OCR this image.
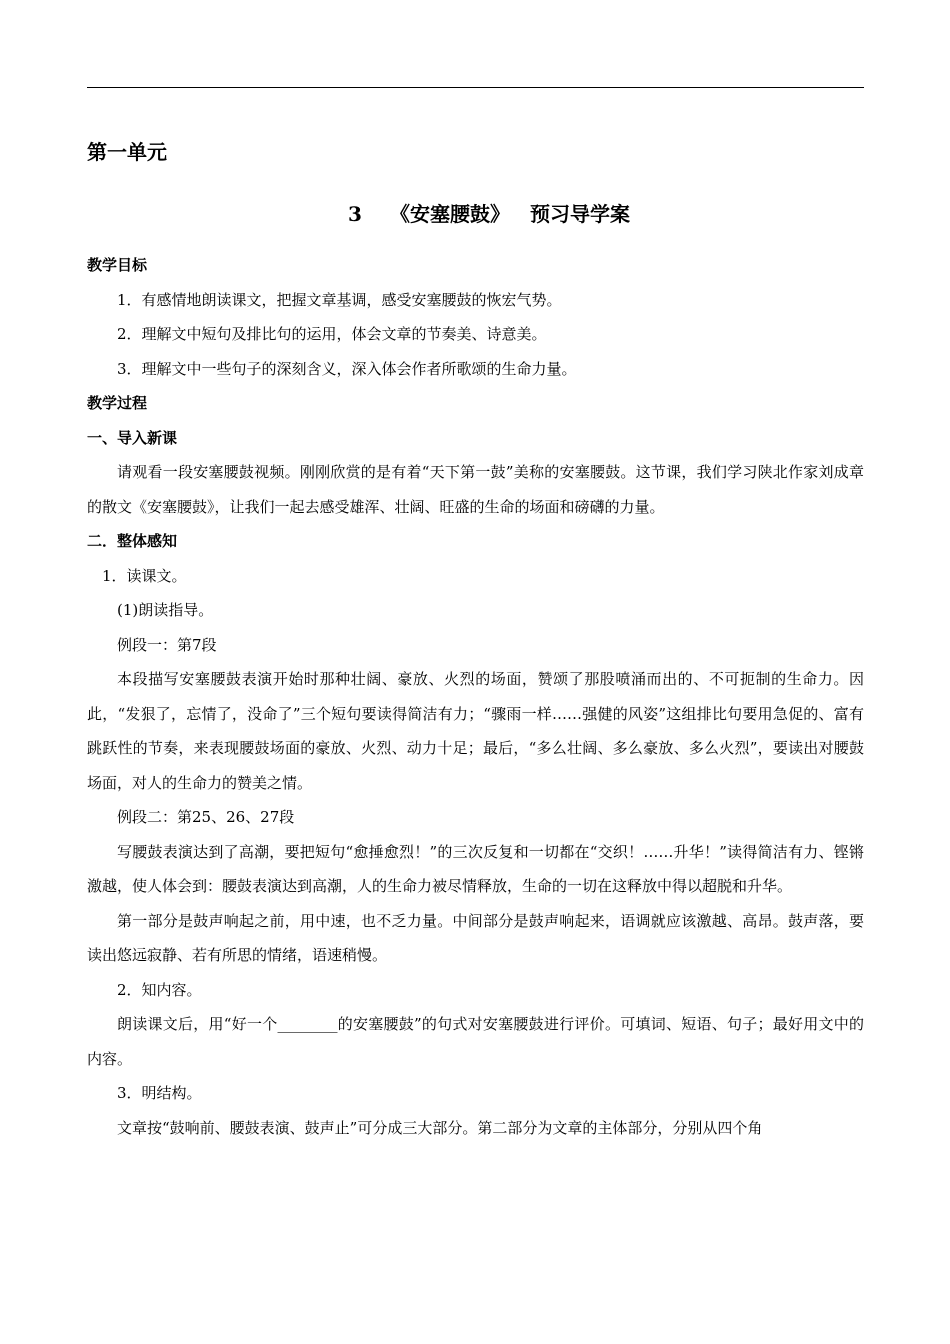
第一单元
3 《安塞腰鼓》 预习导学案

教学目标

1．有感情地朗读课文，把握文章基调，感受安塞腰鼓的恢宏气势。

2．理解文中短句及排比句的运用，体会文章的节奏美、诗意美。

3．理解文中一些句子的深刻含义，深入体会作者所歌颂的生命力量。

教学过程

一、导入新课

请观看一段安塞腰鼓视频。刚刚欣赏的是有着“天下第一鼓”美称的安塞腰鼓。这节课，我们学习陕北作家刘成章的散文《安塞腰鼓》，让我们一起去感受雄浑、壮阔、旺盛的生命的场面和磅礴的力量。

二．整体感知

1．读课文。

(1)朗读指导。

例段一：第7段

本段描写安塞腰鼓表演开始时那种壮阔、豪放、火烈的场面，赞颂了那股喷涌而出的、不可扼制的生命力。因此，“发狠了，忘情了，没命了”三个短句要读得简洁有力；“骤雨一样……强健的风姿”这组排比句要用急促的、富有跳跃性的节奏，来表现腰鼓场面的豪放、火烈、动力十足；最后，“多么壮阔、多么豪放、多么火烈”，要读出对腰鼓场面，对人的生命力的赞美之情。

例段二：第25、26、27段

写腰鼓表演达到了高潮，要把短句“愈捶愈烈！”的三次反复和一切都在“交织！……升华！”读得简洁有力、铿锵激越，使人体会到：腰鼓表演达到高潮，人的生命力被尽情释放，生命的一切在这释放中得以超脱和升华。

第一部分是鼓声响起之前，用中速，也不乏力量。中间部分是鼓声响起来，语调就应该激越、高昂。鼓声落，要读出悠远寂静、若有所思的情绪，语速稍慢。

2．知内容。

朗读课文后，用“好一个________的安塞腰鼓”的句式对安塞腰鼓进行评价。可填词、短语、句子；最好用文中的内容。

3．明结构。

文章按“鼓响前、腰鼓表演、鼓声止”可分成三大部分。第二部分为文章的主体部分，分别从四个角
